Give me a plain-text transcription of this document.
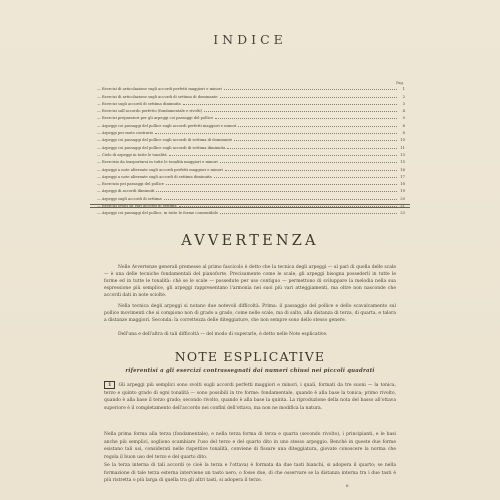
INDICE
Pag.
— Esercizi di articolazione sugli accordi perfetti maggiori e minori	1
— Esercizi di articolazione sugli accordi di settima di dominante	2
— Esercizi sugli accordi di settima diminuita	3
— Esercizi sull'accordo perfetto (fondamentale e rivolti)	4
— Esercizi preparatori per gli arpeggi coi passaggi del pollice	5
— Arpeggi coi passaggi del pollice sugli accordi perfetti maggiori e minori	6
— Arpeggi per moto contrario	8
— Arpeggi coi passaggi del pollice sugli accordi di settima di dominante	10
— Arpeggi coi passaggi del pollice sugli accordi di settima diminuita	11
— Cielo di arpeggi in tutte le tonalità	13
— Esercizio da trasportarsi in tutte le tonalità maggiori e minori	15
— Arpeggi a note alternate sugli accordi perfetti maggiori e minori	16
— Arpeggi a note alternate sugli accordi di settima diminuita	17
— Esercizio pei passaggi del pollice	18
— Arpeggi di accordi diminuiti	19
— Arpeggi sugli accordi di settima	20
— Esercizi svolti su vari accordi di settima	21
— Arpeggi coi passaggi del pollice, in tutte le forme consentibile	23
AVVERTENZA

Nelle Avvertenze generali premesse al primo fascicolo è detto che la tecnica degli arpeggi — al pari di quella delle scale — è una delle tecniche fondamentali del pianoforte. Precisamente come le scale, gli arpeggi bisogna possederli in tutte le forme ed in tutte le tonalità: chè se le scale — possedute per uso contiguo — permettono di sviluppare la melodia nella sua espressione più semplice, gli arpeggi rappresentano l'armonia nei suoi più vari atteggiamenti, ma oltre non nasconde che accordi dati in note sciolte.

Nella tecnica degli arpeggi si notano due notevoli difficoltà. Prima: il passaggio del pollice e dello scavalcamento sul pollice movimenti che si compiono non di grado a grado, come nelle scale, ma di salto, alla distanza di terza, di quarta, e talora a distanze maggiori. Seconda: la correttezza delle diteggiature, che non sempre sono dello stesso genere.

Dell'una e dell'altra di tali difficoltà — del modo di superarle, è detto nelle Note esplicative.

NOTE ESPLICATIVE
riferentisi a gli esercizi contrassegnati dai numeri chiusi nei piccoli quadrati

1 Gli arpeggi più semplici sono svolti sugli accordi perfetti maggiori e minori, i quali, formati da tre suoni — la tonica, terzo e quinto grado di ogni tonalità — sono possibili in tre forme: fondamentale, quando è alla base la tonica; primo rivolto, quando è alla base il terzo grado; secondo rivolto, quando è alla base la quinta. La riproduzione della nota del basso all'ottava superiore è il completamento dell'accordo nei confini dell'ottava, ma non ne modifica la natura.

Nella prima forma alla terza (fondamentale), e nella terza forma di terza e quarta (secondo rivolto), i principianti, e le basi anche più semplici, sogliono scambiare l'uso del terzo e del quarto dito in uno stesso arpeggio. Benché in queste due forme esistano tali usi, considerati nelle rispettive tonalità, conviene di fissare una diteggiatura, giovate conoscere la norma che regola il buon uso del terzo e del quarto dito.

Se la terza interna di tali accordi (e cioè la terza e l'ottava) è formata da due tasti bianchi, si adopera il quarto; se nella formazione di tale terza esterna interviene un tasto nero, o fosse due, di che osservare se la distanza interna tra i due tasti è più ristretta o più larga di quella tra gli altri tasti, si adopera il terzo.

6
